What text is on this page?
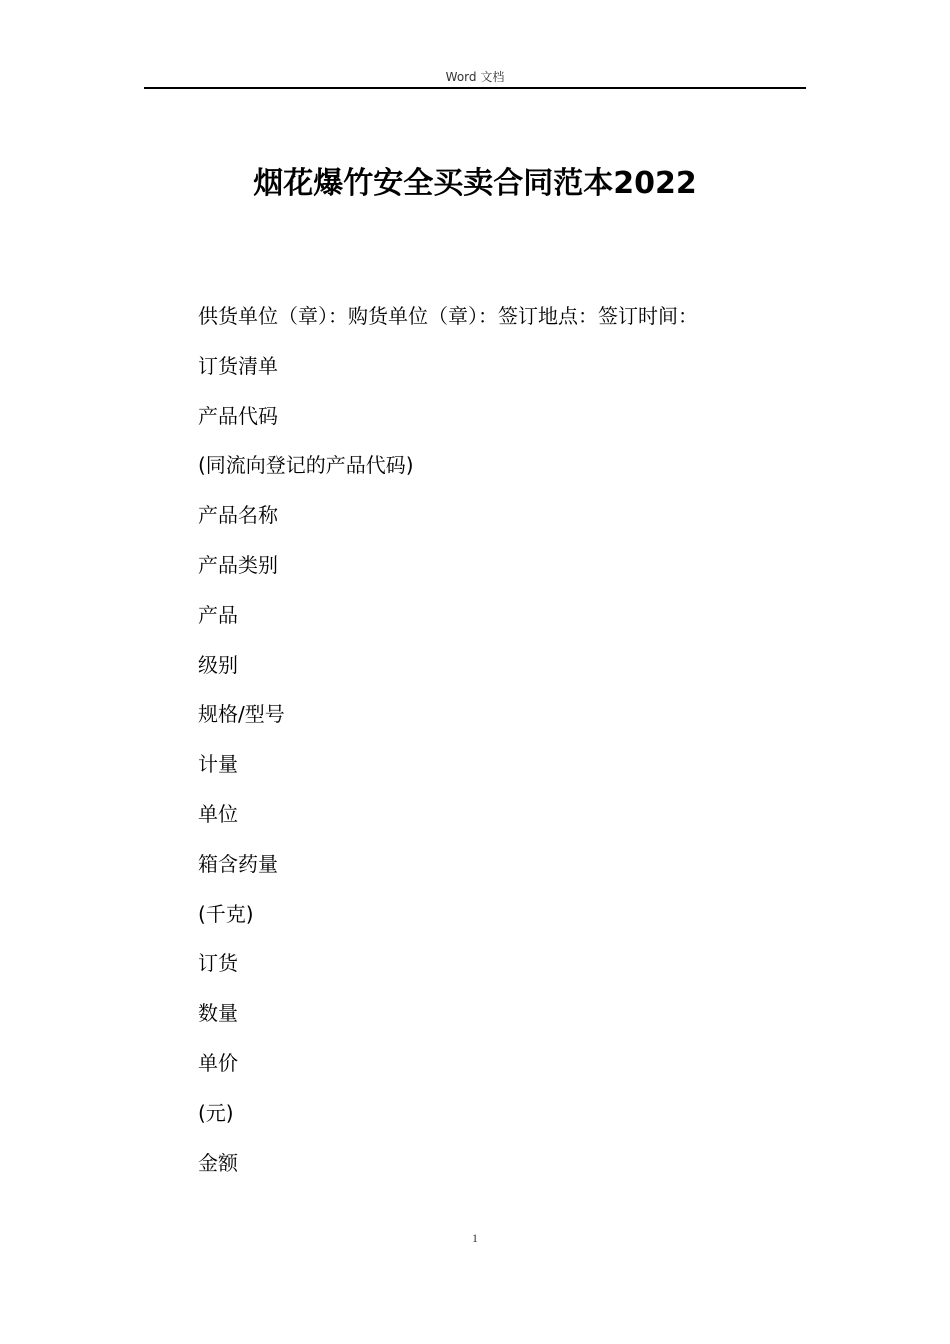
Word 文档
烟花爆竹安全买卖合同范本2022
供货单位（章）：购货单位（章）：签订地点：签订时间：
订货清单
产品代码
(同流向登记的产品代码)
产品名称
产品类别
产品
级别
规格/型号
计量
单位
箱含药量
(千克)
订货
数量
单价
(元)
金额
1
